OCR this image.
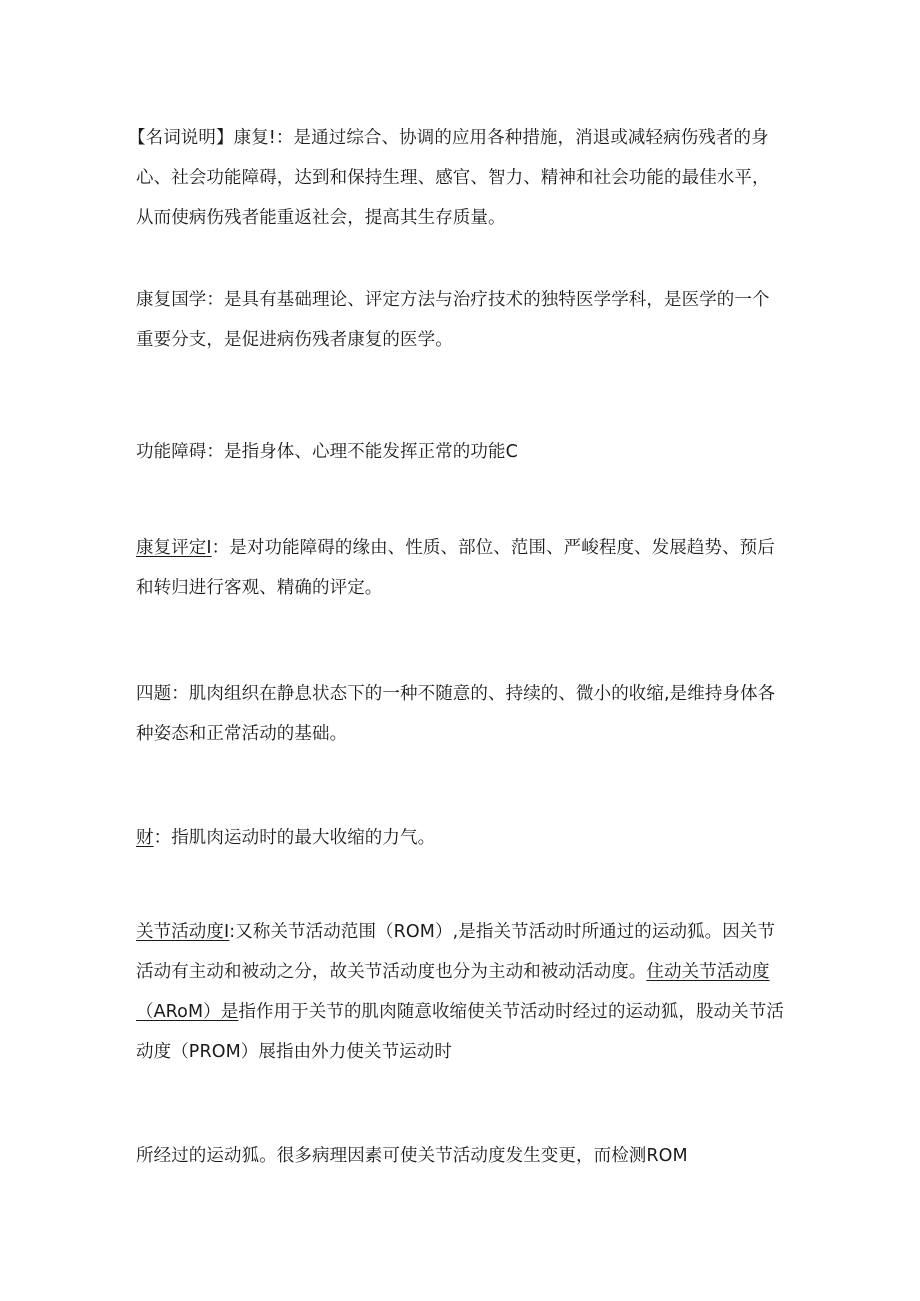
【名词说明】康复!：是通过综合、协调的应用各种措施，消退或减轻病伤残者的身心、社会功能障碍，达到和保持生理、感官、智力、精神和社会功能的最佳水平，从而使病伤残者能重返社会，提高其生存质量。

康复国学：是具有基础理论、评定方法与治疗技术的独特医学学科，是医学的一个重要分支，是促进病伤残者康复的医学。

功能障碍：是指身体、心理不能发挥正常的功能C

康复评定I：是对功能障碍的缘由、性质、部位、范围、严峻程度、发展趋势、预后和转归进行客观、精确的评定。

四题：肌肉组织在静息状态下的一种不随意的、持续的、微小的收缩,是维持身体各种姿态和正常活动的基础。

财：指肌肉运动时的最大收缩的力气。

关节活动度I:又称关节活动范围（ROM）,是指关节活动时所通过的运动狐。因关节活动有主动和被动之分，故关节活动度也分为主动和被动活动度。住动关节活动度（ARoM）是指作用于关节的肌肉随意收缩使关节活动时经过的运动狐，股动关节活动度（PROM）展指由外力使关节运动时

所经过的运动狐。很多病理因素可使关节活动度发生变更，而检测ROM
